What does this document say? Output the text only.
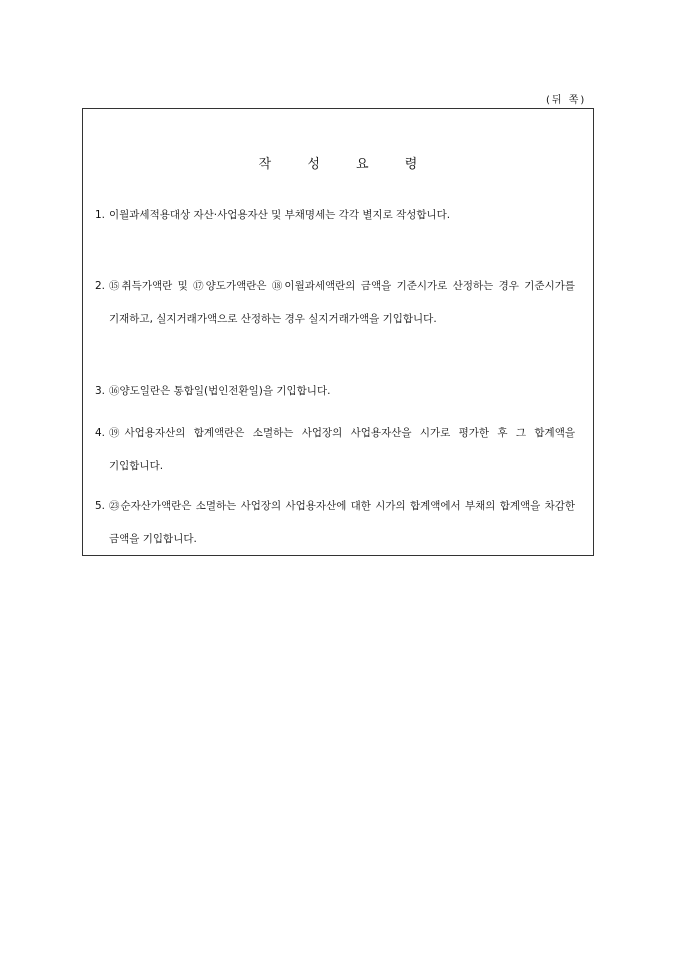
(뒤 쪽)
작 성 요 령
1. 이월과세적용대상 자산·사업용자산 및 부채명세는 각각 별지로 작성합니다.
2. ⑮취득가액란 및 ⑰양도가액란은 ⑱이월과세액란의 금액을 기준시가로 산정하는 경우 기준시가를 기재하고, 실지거래가액으로 산정하는 경우 실지거래가액을 기입합니다.
3. ⑯양도일란은 통합일(법인전환일)을 기입합니다.
4. ⑲사업용자산의 합계액란은 소멸하는 사업장의 사업용자산을 시가로 평가한 후 그 합계액을 기입합니다.
5. ㉓순자산가액란은 소멸하는 사업장의 사업용자산에 대한 시가의 합계액에서 부채의 합계액을 차감한 금액을 기입합니다.
